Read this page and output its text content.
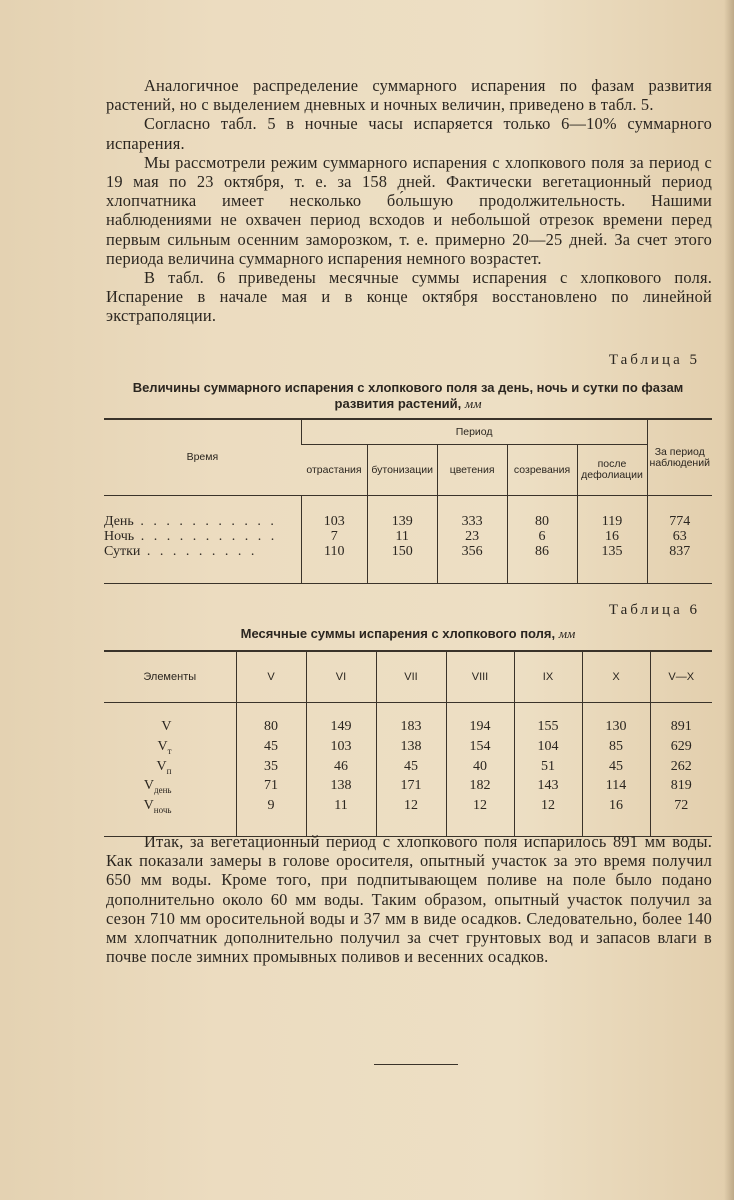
Аналогичное распределение суммарного испарения по фазам развития растений, но с выделением дневных и ночных величин, приведено в табл. 5.

Согласно табл. 5 в ночные часы испаряется только 6—10% суммарного испарения.

Мы рассмотрели режим суммарного испарения с хлопкового поля за период с 19 мая по 23 октября, т. е. за 158 дней. Фактически вегетационный период хлопчатника имеет несколько бо́льшую продолжительность. Нашими наблюдениями не охвачен период всходов и небольшой отрезок времени перед первым сильным осенним заморозком, т. е. примерно 20—25 дней. За счет этого периода величина суммарного испарения немного возрастет.

В табл. 6 приведены месячные суммы испарения с хлопкового поля. Испарение в начале мая и в конце октября восстановлено по линейной экстраполяции.

Таблица 5
Величины суммарного испарения с хлопкового поля за день, ночь и сутки по фазам развития растений, мм
Время	Период					За период наблюдений
	отрастания	бутонизации	цветения	созревания	после дефолиации	
День . . . . . . . . . . .	103	139	333	80	119	774
Ночь . . . . . . . . . . .	7	11	23	6	16	63
Сутки . . . . . . . . .	110	150	356	86	135	837
Таблица 6
Месячные суммы испарения с хлопкового поля, мм
Элементы	V	VI	VII	VIII	IX	X	V—X
V	80	149	183	194	155	130	891
$V_т$	45	103	138	154	104	85	629
$V_п$	35	46	45	40	51	45	262
$V_{день}$	71	138	171	182	143	114	819
$V_{ночь}$	9	11	12	12	12	16	72

Итак, за вегетационный период с хлопкового поля испарилось 891 мм воды. Как показали замеры в голове оросителя, опытный участок за это время получил 650 мм воды. Кроме того, при подпитывающем поливе на поле было подано дополнительно около 60 мм воды. Таким образом, опытный участок получил за сезон 710 мм оросительной воды и 37 мм в виде осадков. Следовательно, более 140 мм хлопчатник дополнительно получил за счет грунтовых вод и запасов влаги в почве после зимних промывных поливов и весенних осадков.
